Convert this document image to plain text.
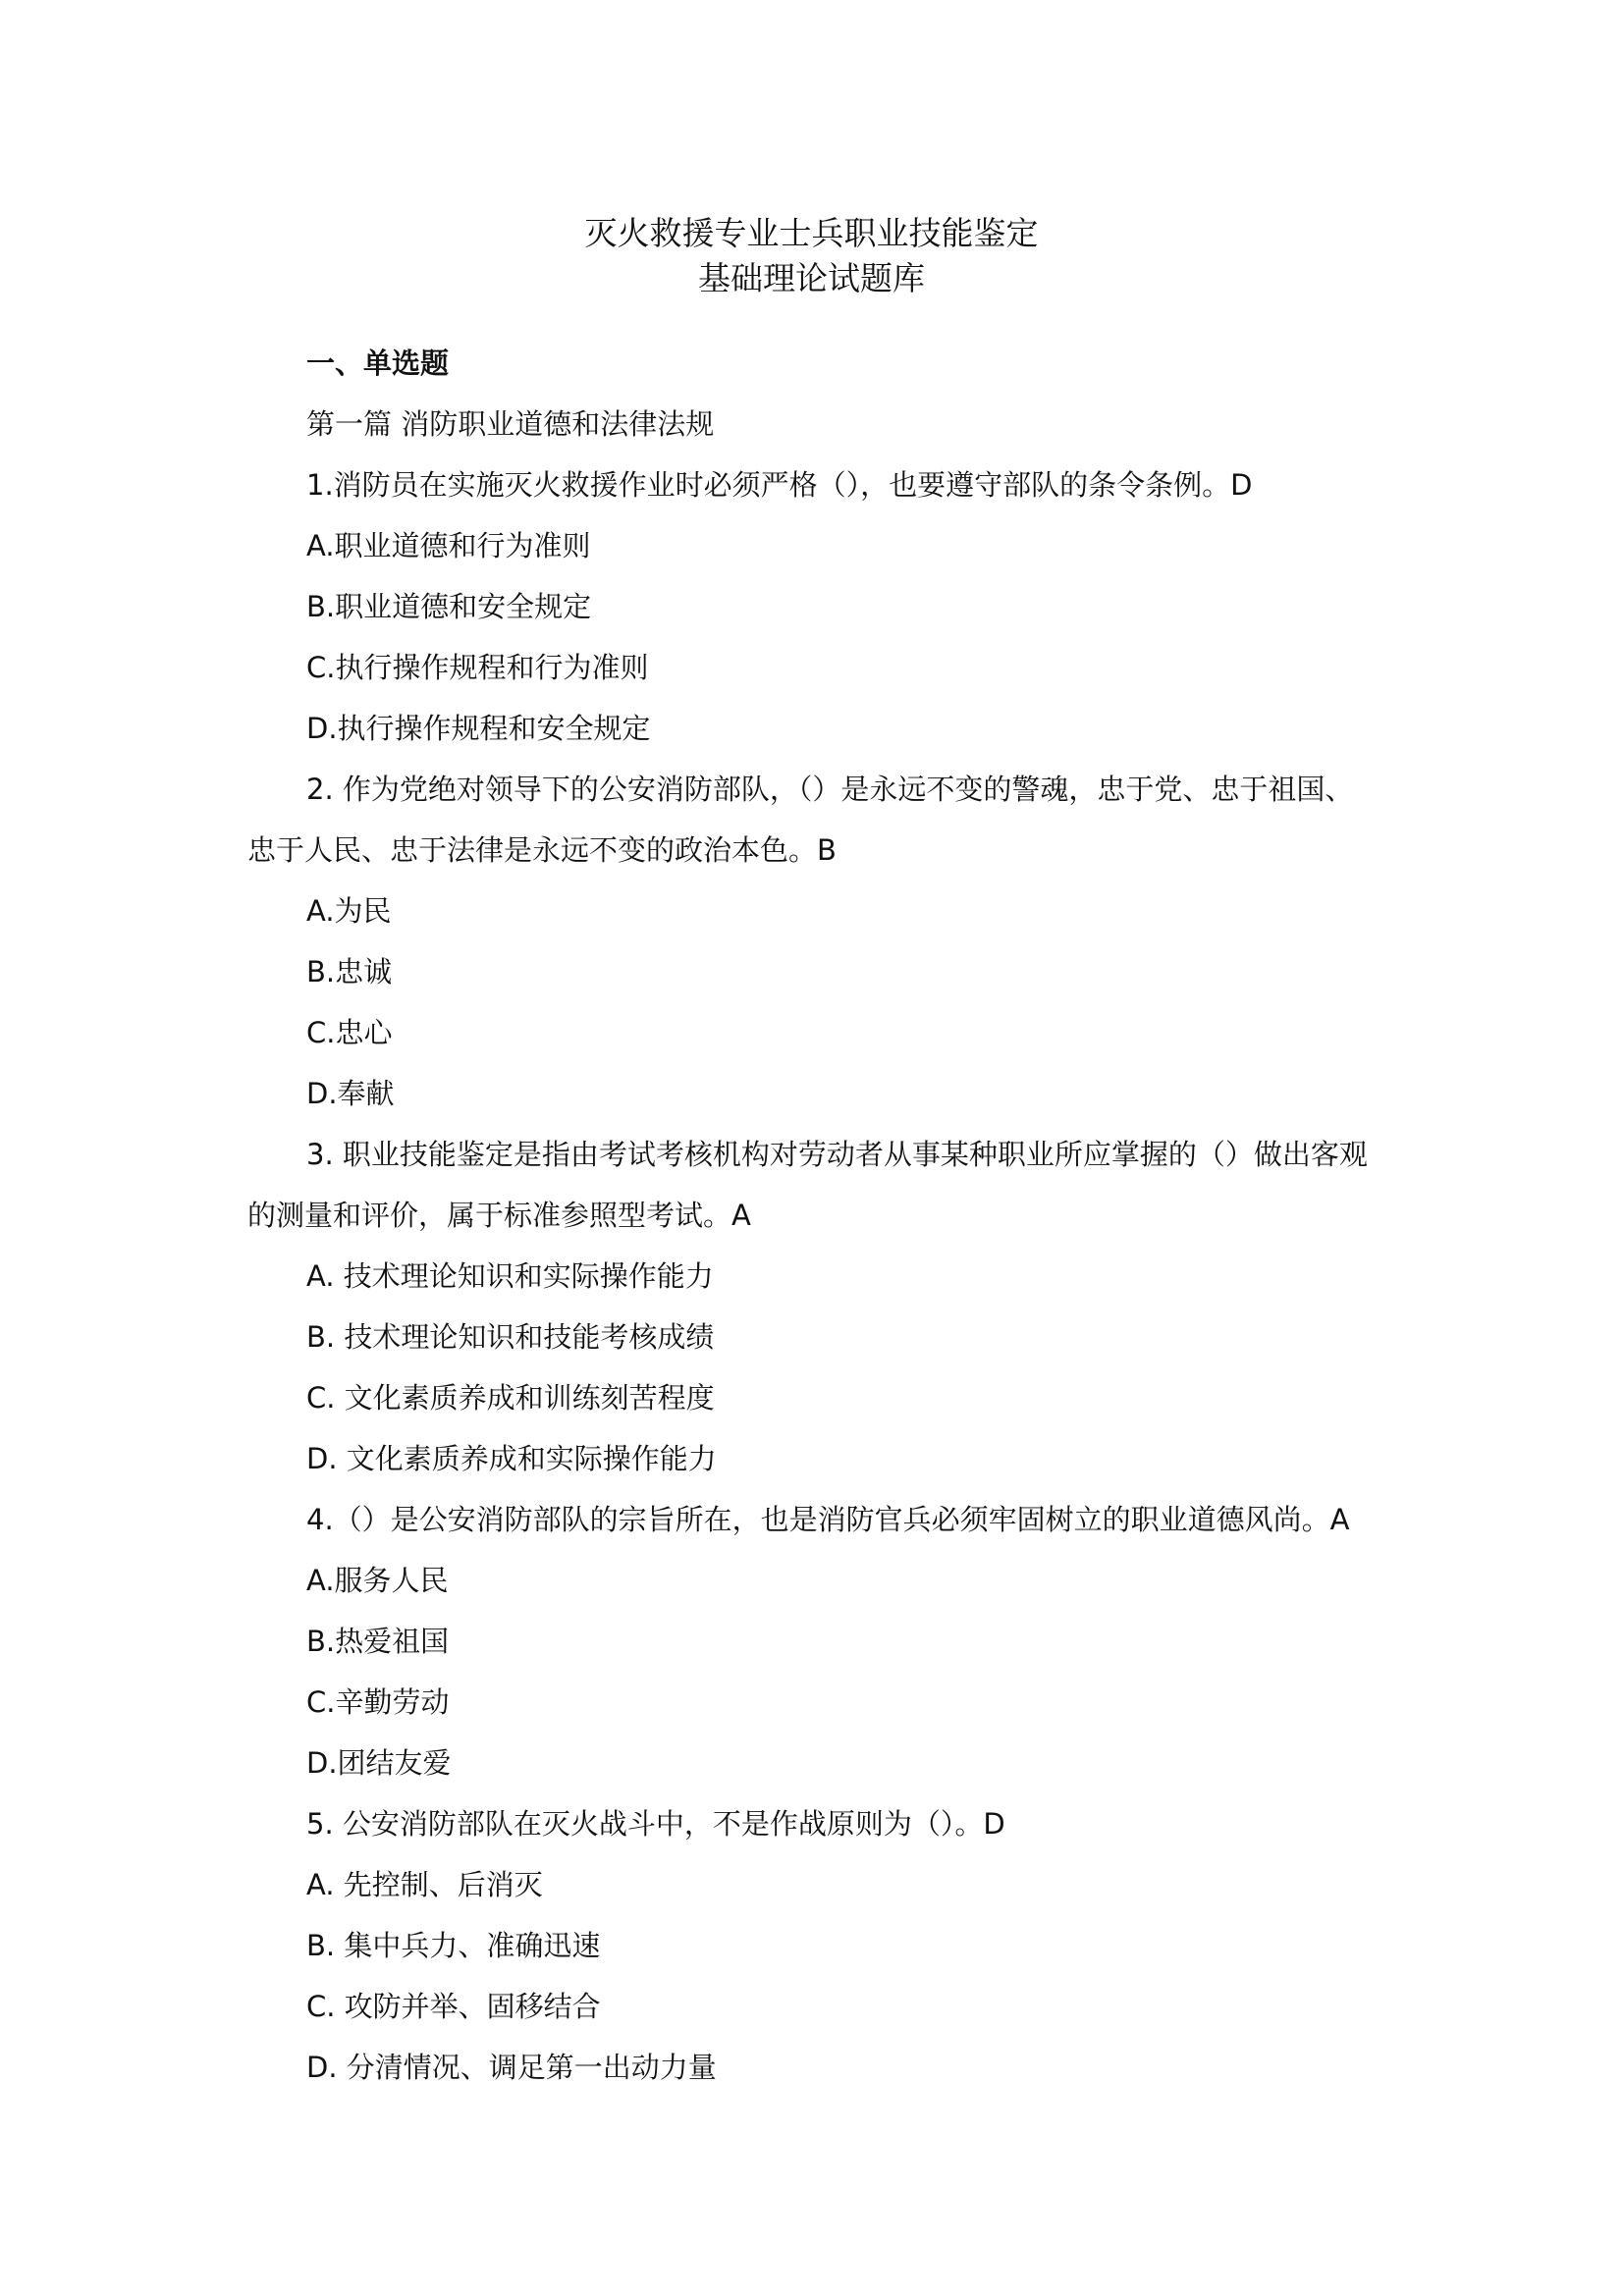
灭火救援专业士兵职业技能鉴定
基础理论试题库
一、单选题
第一篇 消防职业道德和法律法规
1.消防员在实施灭火救援作业时必须严格（），也要遵守部队的条令条例。D
A.职业道德和行为准则
B.职业道德和安全规定
C.执行操作规程和行为准则
D.执行操作规程和安全规定
2. 作为党绝对领导下的公安消防部队，（）是永远不变的警魂，忠于党、忠于祖国、
忠于人民、忠于法律是永远不变的政治本色。B
A.为民
B.忠诚
C.忠心
D.奉献
3. 职业技能鉴定是指由考试考核机构对劳动者从事某种职业所应掌握的（）做出客观
的测量和评价，属于标准参照型考试。A
A. 技术理论知识和实际操作能力
B. 技术理论知识和技能考核成绩
C. 文化素质养成和训练刻苦程度
D. 文化素质养成和实际操作能力
4.（）是公安消防部队的宗旨所在，也是消防官兵必须牢固树立的职业道德风尚。A
A.服务人民
B.热爱祖国
C.辛勤劳动
D.团结友爱
5. 公安消防部队在灭火战斗中，不是作战原则为（）。D
A. 先控制、后消灭
B. 集中兵力、准确迅速
C. 攻防并举、固移结合
D. 分清情况、调足第一出动力量
